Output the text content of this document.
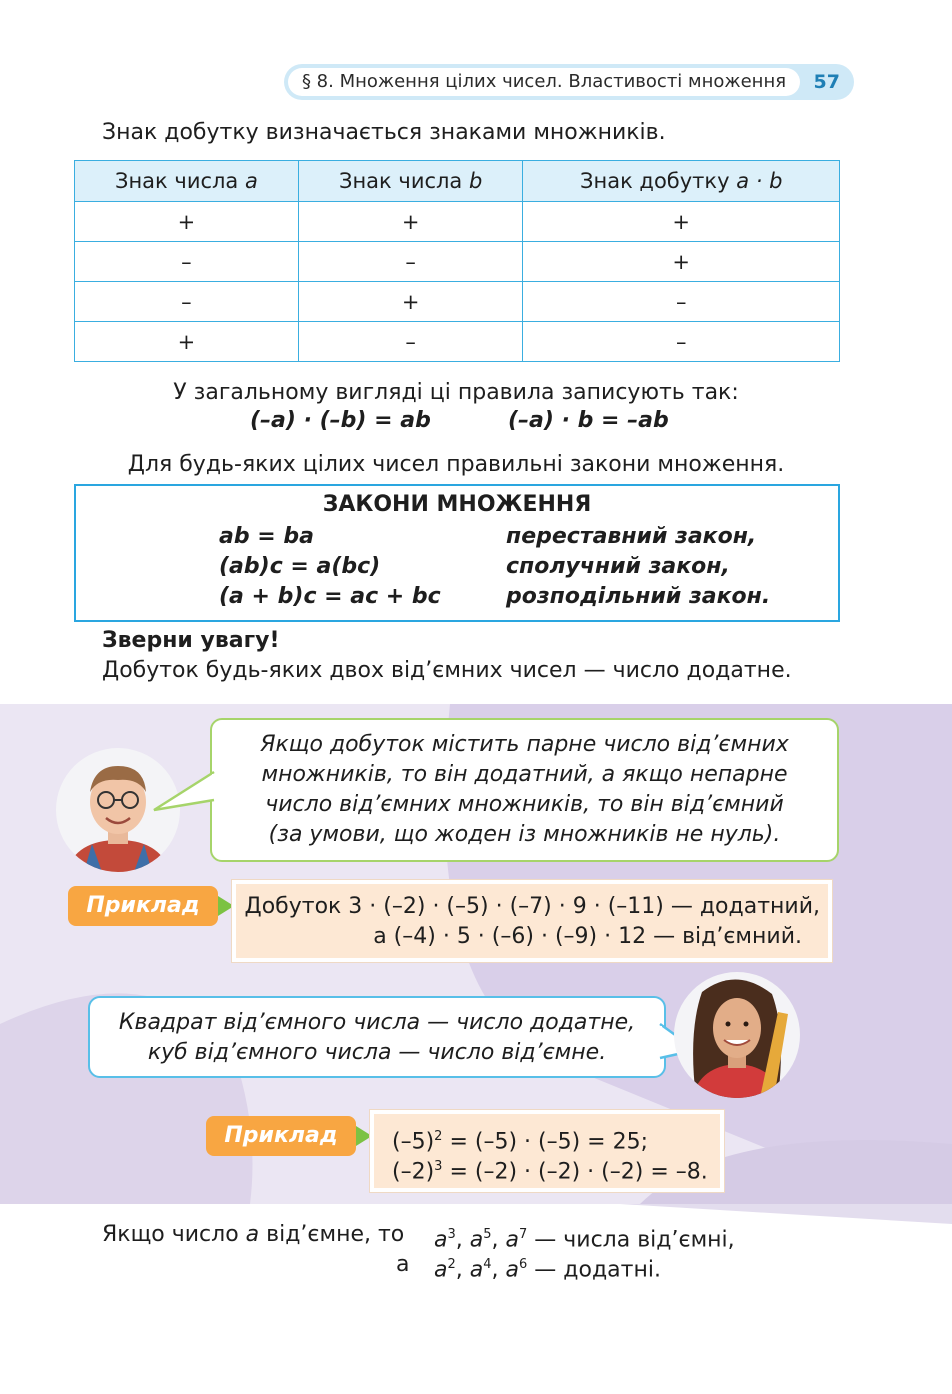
§ 8. Множення цілих чисел. Властивості множення	57
Знак добутку визначається знаками множників.
Знак числа a	Знак числа b	Знак добутку a · b
+	+	+
–	–	+
–	+	–
+	–	–
У загальному вигляді ці правила записують так:
(–a) · (–b) = ab	(–a) · b = –ab
Для будь-яких цілих чисел правильні закони множення.
ЗАКОНИ МНОЖЕННЯ
ab = ba	переставний закон,
(ab)c = a(bc)	сполучний закон,
(a + b)c = ac + bc	розподільний закон.
Зверни увагу!
Добуток будь-яких двох від’ємних чисел — число додатне.
Якщо добуток містить парне число від’ємних
множників, то він додатний, а якщо непарне
число від’ємних множників, то він від’ємний
(за умови, що жоден із множників не нуль).
Приклад	Добуток 3 · (–2) · (–5) · (–7) · 9 · (–11) — додатний,
а (–4) · 5 · (–6) · (–9) · 12 — від’ємний.
Квадрат від’ємного числа — число додатне,
куб від’ємного числа — число від’ємне.
Приклад	$(-5)^2 = (-5) \cdot (-5) = 25$;
$(-2)^3 = (-2) \cdot (-2) \cdot (-2) = -8$.
Якщо число a від’ємне, то $a^3$, $a^5$, $a^7$ — числа від’ємні,
а $a^2$, $a^4$, $a^6$ — додатні.
